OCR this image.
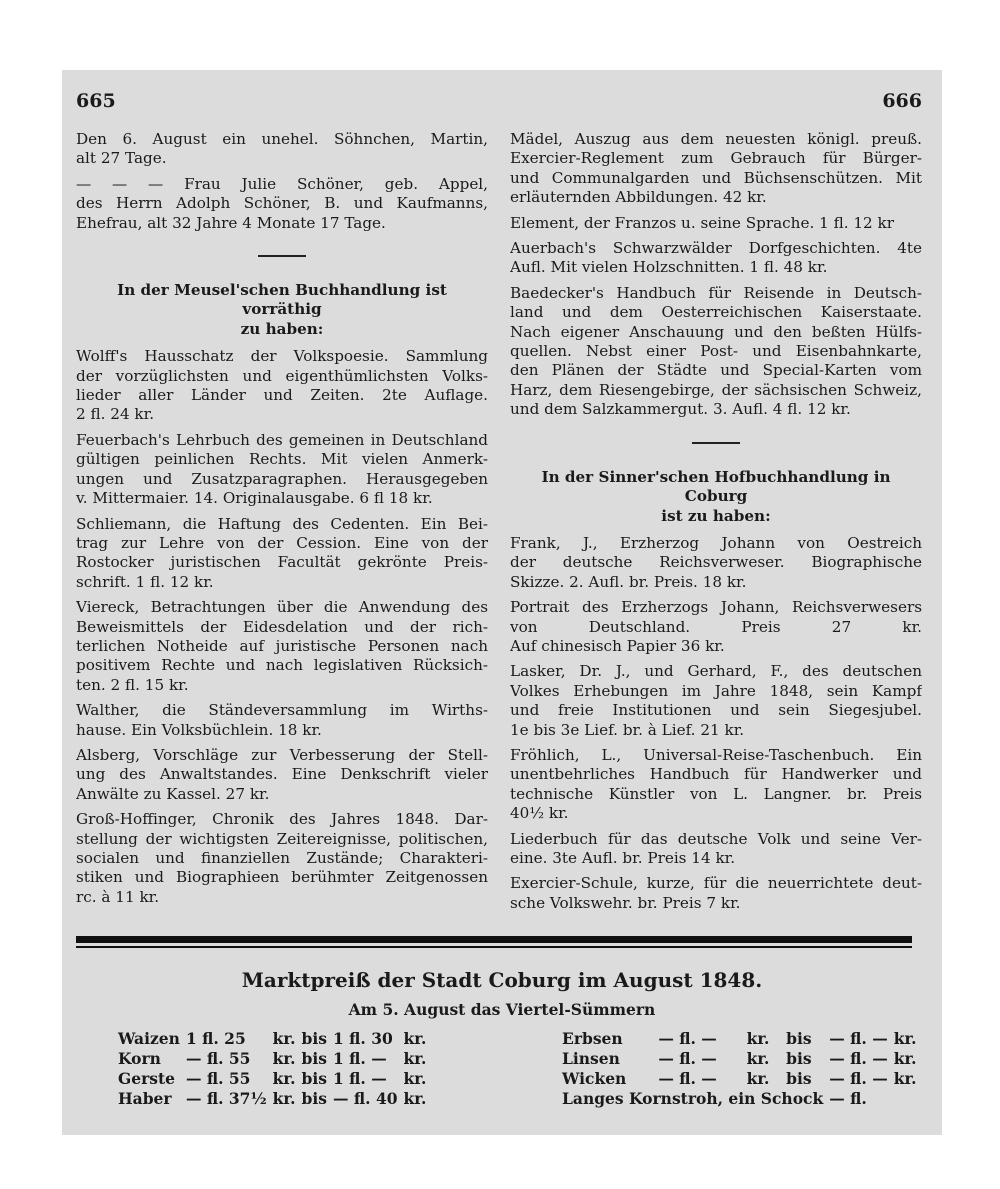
665	666
Den 6. August ein unehel. Söhnchen, Martin,
alt 27 Tage.
— — — Frau Julie Schöner, geb. Appel,
des Herrn Adolph Schöner, B. und Kaufmanns,
Ehefrau, alt 32 Jahre 4 Monate 17 Tage.
In der Meusel'schen Buchhandlung ist vorräthig
zu haben:
Wolff's Hausschatz der Volkspoesie. Sammlung
der vorzüglichsten und eigenthümlichsten Volks-
lieder aller Länder und Zeiten. 2te Auflage.
2 fl. 24 kr.
Feuerbach's Lehrbuch des gemeinen in Deutschland
gültigen peinlichen Rechts. Mit vielen Anmerk-
ungen und Zusatzparagraphen. Herausgegeben
v. Mittermaier. 14. Originalausgabe. 6 fl 18 kr.
Schliemann, die Haftung des Cedenten. Ein Bei-
trag zur Lehre von der Cession. Eine von der
Rostocker juristischen Facultät gekrönte Preis-
schrift. 1 fl. 12 kr.
Viereck, Betrachtungen über die Anwendung des
Beweismittels der Eidesdelation und der rich-
terlichen Notheide auf juristische Personen nach
positivem Rechte und nach legislativen Rücksich-
ten. 2 fl. 15 kr.
Walther, die Ständeversammlung im Wirths-
hause. Ein Volksbüchlein. 18 kr.
Alsberg, Vorschläge zur Verbesserung der Stell-
ung des Anwaltstandes. Eine Denkschrift vieler
Anwälte zu Kassel. 27 kr.
Groß-Hoffinger, Chronik des Jahres 1848. Dar-
stellung der wichtigsten Zeitereignisse, politischen,
socialen und finanziellen Zustände; Charakteri-
stiken und Biographieen berühmter Zeitgenossen
rc. à 11 kr.
Mädel, Auszug aus dem neuesten königl. preuß.
Exercier-Reglement zum Gebrauch für Bürger-
und Communalgarden und Büchsenschützen. Mit
erläuternden Abbildungen. 42 kr.
Element, der Franzos u. seine Sprache. 1 fl. 12 kr
Auerbach's Schwarzwälder Dorfgeschichten. 4te
Aufl. Mit vielen Holzschnitten. 1 fl. 48 kr.
Baedecker's Handbuch für Reisende in Deutsch-
land und dem Oesterreichischen Kaiserstaate.
Nach eigener Anschauung und den beßten Hülfs-
quellen. Nebst einer Post- und Eisenbahnkarte,
den Plänen der Städte und Special-Karten vom
Harz, dem Riesengebirge, der sächsischen Schweiz,
und dem Salzkammergut. 3. Aufl. 4 fl. 12 kr.
In der Sinner'schen Hofbuchhandlung in Coburg
ist zu haben:
Frank, J., Erzherzog Johann von Oestreich
der deutsche Reichsverweser. Biographische
Skizze. 2. Aufl. br. Preis. 18 kr.
Portrait des Erzherzogs Johann, Reichsverwesers
von Deutschland. Preis 27 kr.
Auf chinesisch Papier 36 kr.
Lasker, Dr. J., und Gerhard, F., des deutschen
Volkes Erhebungen im Jahre 1848, sein Kampf
und freie Institutionen und sein Siegesjubel.
1e bis 3e Lief. br. à Lief. 21 kr.
Fröhlich, L., Universal-Reise-Taschenbuch. Ein
unentbehrliches Handbuch für Handwerker und
technische Künstler von L. Langner. br. Preis
40½ kr.
Liederbuch für das deutsche Volk und seine Ver-
eine. 3te Aufl. br. Preis 14 kr.
Exercier-Schule, kurze, für die neuerrichtete deut-
sche Volkswehr. br. Preis 7 kr.
Marktpreiß der Stadt Coburg im August 1848.
Am 5. August das Viertel-Sümmern
Waizen	1 fl. 25	kr.	bis	1 fl. 30	kr.
Korn	— fl. 55	kr.	bis	1 fl. —	kr.
Gerste	— fl. 55	kr.	bis	1 fl. —	kr.
Haber	— fl. 37½	kr.	bis	— fl. 40	kr.
Erbsen	— fl. —	kr.	bis	— fl. —	kr.
Linsen	— fl. —	kr.	bis	— fl. —	kr.
Wicken	— fl. —	kr.	bis	— fl. —	kr.
Langes Kornstroh, ein Schock				— fl.	
